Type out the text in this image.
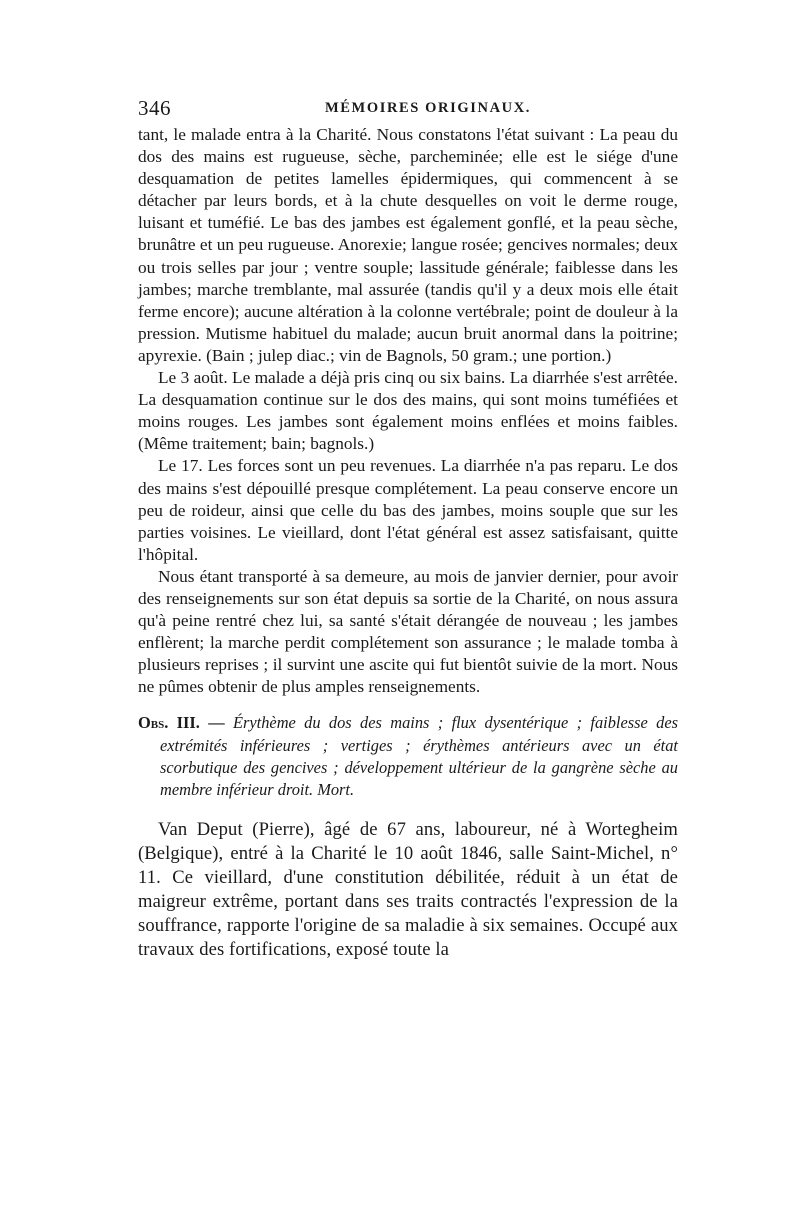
346	MÉMOIRES ORIGINAUX.

tant, le malade entra à la Charité. Nous constatons l'état suivant : La peau du dos des mains est rugueuse, sèche, parcheminée; elle est le siége d'une desquamation de petites lamelles épidermiques, qui commencent à se détacher par leurs bords, et à la chute desquelles on voit le derme rouge, luisant et tuméfié. Le bas des jambes est également gonflé, et la peau sèche, brunâtre et un peu rugueuse. Anorexie; langue rosée; gencives normales; deux ou trois selles par jour ; ventre souple; lassitude générale; faiblesse dans les jambes; marche tremblante, mal assurée (tandis qu'il y a deux mois elle était ferme encore); aucune altération à la colonne vertébrale; point de douleur à la pression. Mutisme habituel du malade; aucun bruit anormal dans la poitrine; apyrexie. (Bain ; julep diac.; vin de Bagnols, 50 gram.; une portion.)

Le 3 août. Le malade a déjà pris cinq ou six bains. La diarrhée s'est arrêtée. La desquamation continue sur le dos des mains, qui sont moins tuméfiées et moins rouges. Les jambes sont également moins enflées et moins faibles. (Même traitement; bain; bagnols.)

Le 17. Les forces sont un peu revenues. La diarrhée n'a pas reparu. Le dos des mains s'est dépouillé presque complétement. La peau conserve encore un peu de roideur, ainsi que celle du bas des jambes, moins souple que sur les parties voisines. Le vieillard, dont l'état général est assez satisfaisant, quitte l'hôpital.

Nous étant transporté à sa demeure, au mois de janvier dernier, pour avoir des renseignements sur son état depuis sa sortie de la Charité, on nous assura qu'à peine rentré chez lui, sa santé s'était dérangée de nouveau ; les jambes enflèrent; la marche perdit complétement son assurance ; le malade tomba à plusieurs reprises ; il survint une ascite qui fut bientôt suivie de la mort. Nous ne pûmes obtenir de plus amples renseignements.

Obs. III. — Érythème du dos des mains ; flux dysentérique ; faiblesse des extrémités inférieures ; vertiges ; érythèmes antérieurs avec un état scorbutique des gencives ; développement ultérieur de la gangrène sèche au membre inférieur droit. Mort.

Van Deput (Pierre), âgé de 67 ans, laboureur, né à Wortegheim (Belgique), entré à la Charité le 10 août 1846, salle Saint-Michel, n° 11. Ce vieillard, d'une constitution débilitée, réduit à un état de maigreur extrême, portant dans ses traits contractés l'expression de la souffrance, rapporte l'origine de sa maladie à six semaines. Occupé aux travaux des fortifications, exposé toute la
